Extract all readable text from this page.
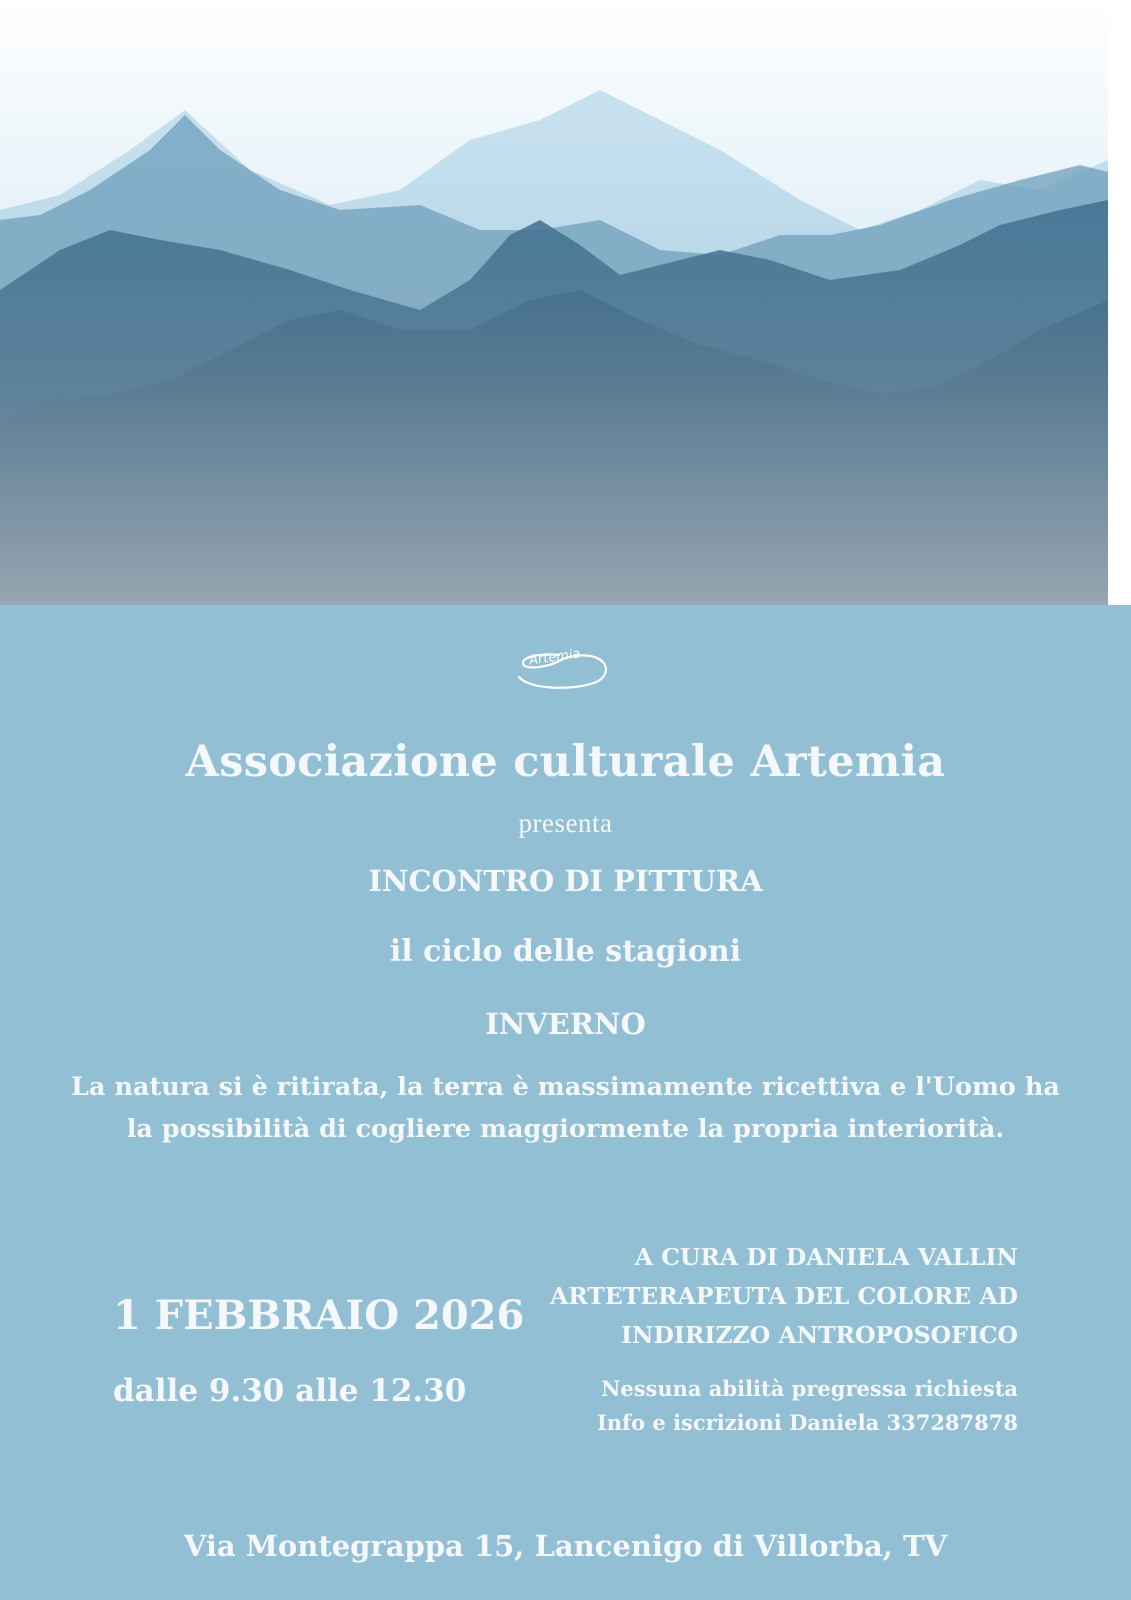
Artemia
Associazione culturale Artemia
presenta
INCONTRO DI PITTURA
il ciclo delle stagioni
INVERNO
La natura si è ritirata, la terra è massimamente ricettiva e l'Uomo ha
la possibilità di cogliere maggiormente la propria interiorità.
1 FEBBRAIO 2026
dalle 9.30 alle 12.30
A CURA DI DANIELA VALLIN
ARTETERAPEUTA DEL COLORE AD
INDIRIZZO ANTROPOSOFICO
Nessuna abilità pregressa richiesta
Info e iscrizioni Daniela 337287878
Via Montegrappa 15, Lancenigo di Villorba, TV
